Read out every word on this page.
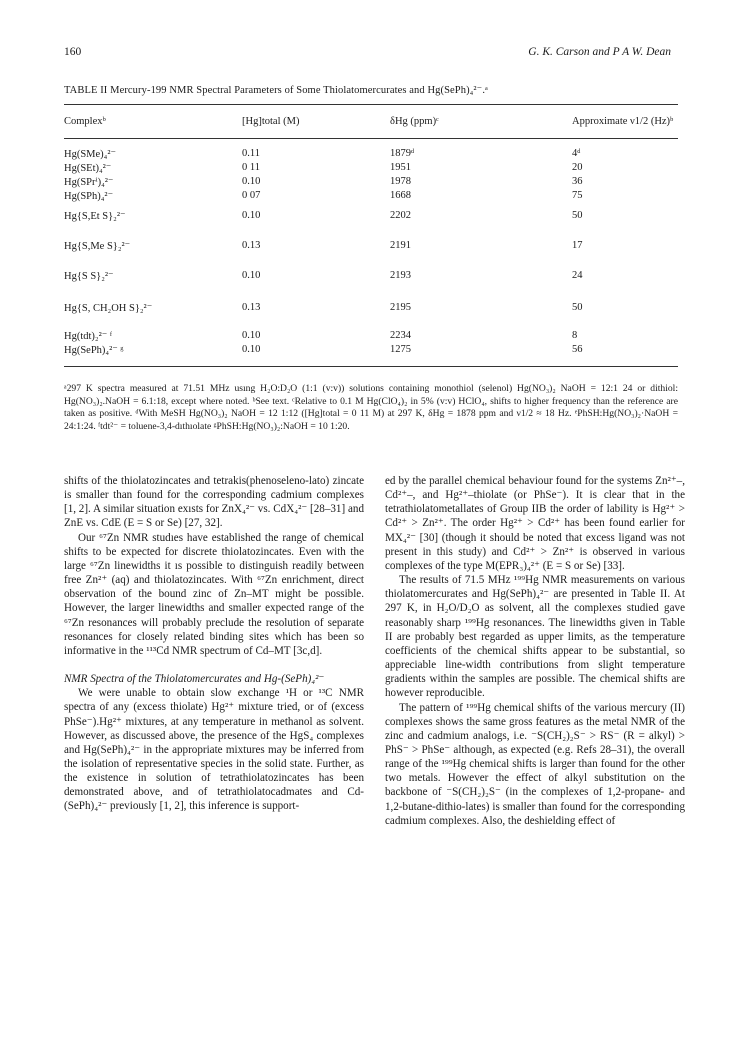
160	G. K. Carson and P A W. Dean
TABLE II Mercury-199 NMR Spectral Parameters of Some Thiolatomercurates and Hg(SePh)₄²⁻.ᵃ
Complexᵇ	[Hg]total (M)	δHg (ppm)ᶜ	Approximate ν1/2 (Hz)ᵇ
Hg(SMe)₄²⁻	0.11	1879ᵈ	4ᵈ
Hg(SEt)₄²⁻	0 11	1951	20
Hg(SPrⁱ)₄²⁻	0.10	1978	36
Hg(SPh)₄²⁻	0 07	1668	75
Hg{S,Et S}₂²⁻	0.10	2202	50
Hg{S,Me S}₂²⁻	0.13	2191	17
Hg{S S}₂²⁻	0.10	2193	24
Hg{S, CH₂OH S}₂²⁻	0.13	2195	50
Hg(tdt)₂²⁻ ᶠ	0.10	2234	8
Hg(SePh)₄²⁻ ᵍ	0.10	1275	56
ᵃ297 K spectra measured at 71.51 MHz usıng H₂O:D₂O (1:1 (v:v)) solutions containing monothiol (selenol) Hg(NO₃)₂ NaOH = 12:1 24 or dithiol: Hg(NO₃)₂.NaOH = 6.1:18, except where noted. ᵇSee text. ᶜRelative to 0.1 M Hg(ClO₄)₂ in 5% (v:v) HClO₄, shifts to higher frequency than the reference are taken as positive. ᵈWith MeSH Hg(NO₃)₂ NaOH = 12 1:12 ([Hg]total = 0 11 M) at 297 K, δHg = 1878 ppm and ν1/2 ≈ 18 Hz. ᵉPhSH:Hg(NO₃)₂·NaOH = 24:1:24. ᶠtdt²⁻ = toluene-3,4-dıthıolate ᵍPhSH:Hg(NO₃)₂:NaOH = 10 1:20.

shifts of the thiolatozincates and tetrakis(phenoseleno-lato) zincate is smaller than found for the corresponding cadmium complexes [1, 2]. A similar situation exısts for ZnX₄²⁻ vs. CdX₄²⁻ [28–31] and ZnE vs. CdE (E = S or Se) [27, 32].

Our ⁶⁷Zn NMR studıes have established the range of chemical shifts to be expected for discrete thiolatozincates. Even with the large ⁶⁷Zn linewidths it ıs possible to distinguish readily between free Zn²⁺ (aq) and thiolatozincates. With ⁶⁷Zn enrichment, direct observation of the bound zinc of Zn–MT might be possible. However, the larger linewidths and smaller expected range of the ⁶⁷Zn resonances will probably preclude the resolution of separate resonances for closely related binding sites which has been so informative in the ¹¹³Cd NMR spectrum of Cd–MT [3c,d].

NMR Spectra of the Thiolatomercurates and Hg-(SePh)₄²⁻

We were unable to obtain slow exchange ¹H or ¹³C NMR spectra of any (excess thiolate) Hg²⁺ mixture tried, or of (excess PhSe⁻).Hg²⁺ mixtures, at any temperature in methanol as solvent. However, as discussed above, the presence of the HgS₄ complexes and Hg(SePh)₄²⁻ in the appropriate mixtures may be inferred from the isolation of representative species in the solid state. Further, as the existence in solution of tetrathiolatozincates has been demonstrated above, and of tetrathiolatocadmates and Cd-(SePh)₄²⁻ previously [1, 2], this inference is support-

ed by the parallel chemical behaviour found for the systems Zn²⁺–, Cd²⁺–, and Hg²⁺–thiolate (or PhSe⁻). It is clear that in the tetrathiolatometallates of Group IIB the order of lability is Hg²⁺ > Cd²⁺ > Zn²⁺. The order Hg²⁺ > Cd²⁺ has been found earlier for MX₄²⁻ [30] (though it should be noted that excess ligand was not present in this study) and Cd²⁺ > Zn²⁺ is observed in various complexes of the type M(EPR₃)₄²⁺ (E = S or Se) [33].

The results of 71.5 MHz ¹⁹⁹Hg NMR measurements on various thiolatomercurates and Hg(SePh)₄²⁻ are presented in Table II. At 297 K, in H₂O/D₂O as solvent, all the complexes studied gave reasonably sharp ¹⁹⁹Hg resonances. The linewidths given in Table II are probably best regarded as upper limits, as the temperature coefficients of the chemical shifts appear to be substantial, so appreciable line-width contributions from slight temperature gradients within the samples are possible. The chemical shifts are however reproducible.

The pattern of ¹⁹⁹Hg chemical shifts of the various mercury (II) complexes shows the same gross features as the metal NMR of the zinc and cadmium analogs, i.e. ⁻S(CH₂)₂S⁻ > RS⁻ (R = alkyl) > PhS⁻ > PhSe⁻ although, as expected (e.g. Refs 28–31), the overall range of the ¹⁹⁹Hg chemical shifts is larger than found for the other two metals. However the effect of alkyl substitution on the backbone of ⁻S(CH₂)₂S⁻ (in the complexes of 1,2-propane- and 1,2-butane-dithio-lates) is smaller than found for the corresponding cadmium complexes. Also, the deshielding effect of
